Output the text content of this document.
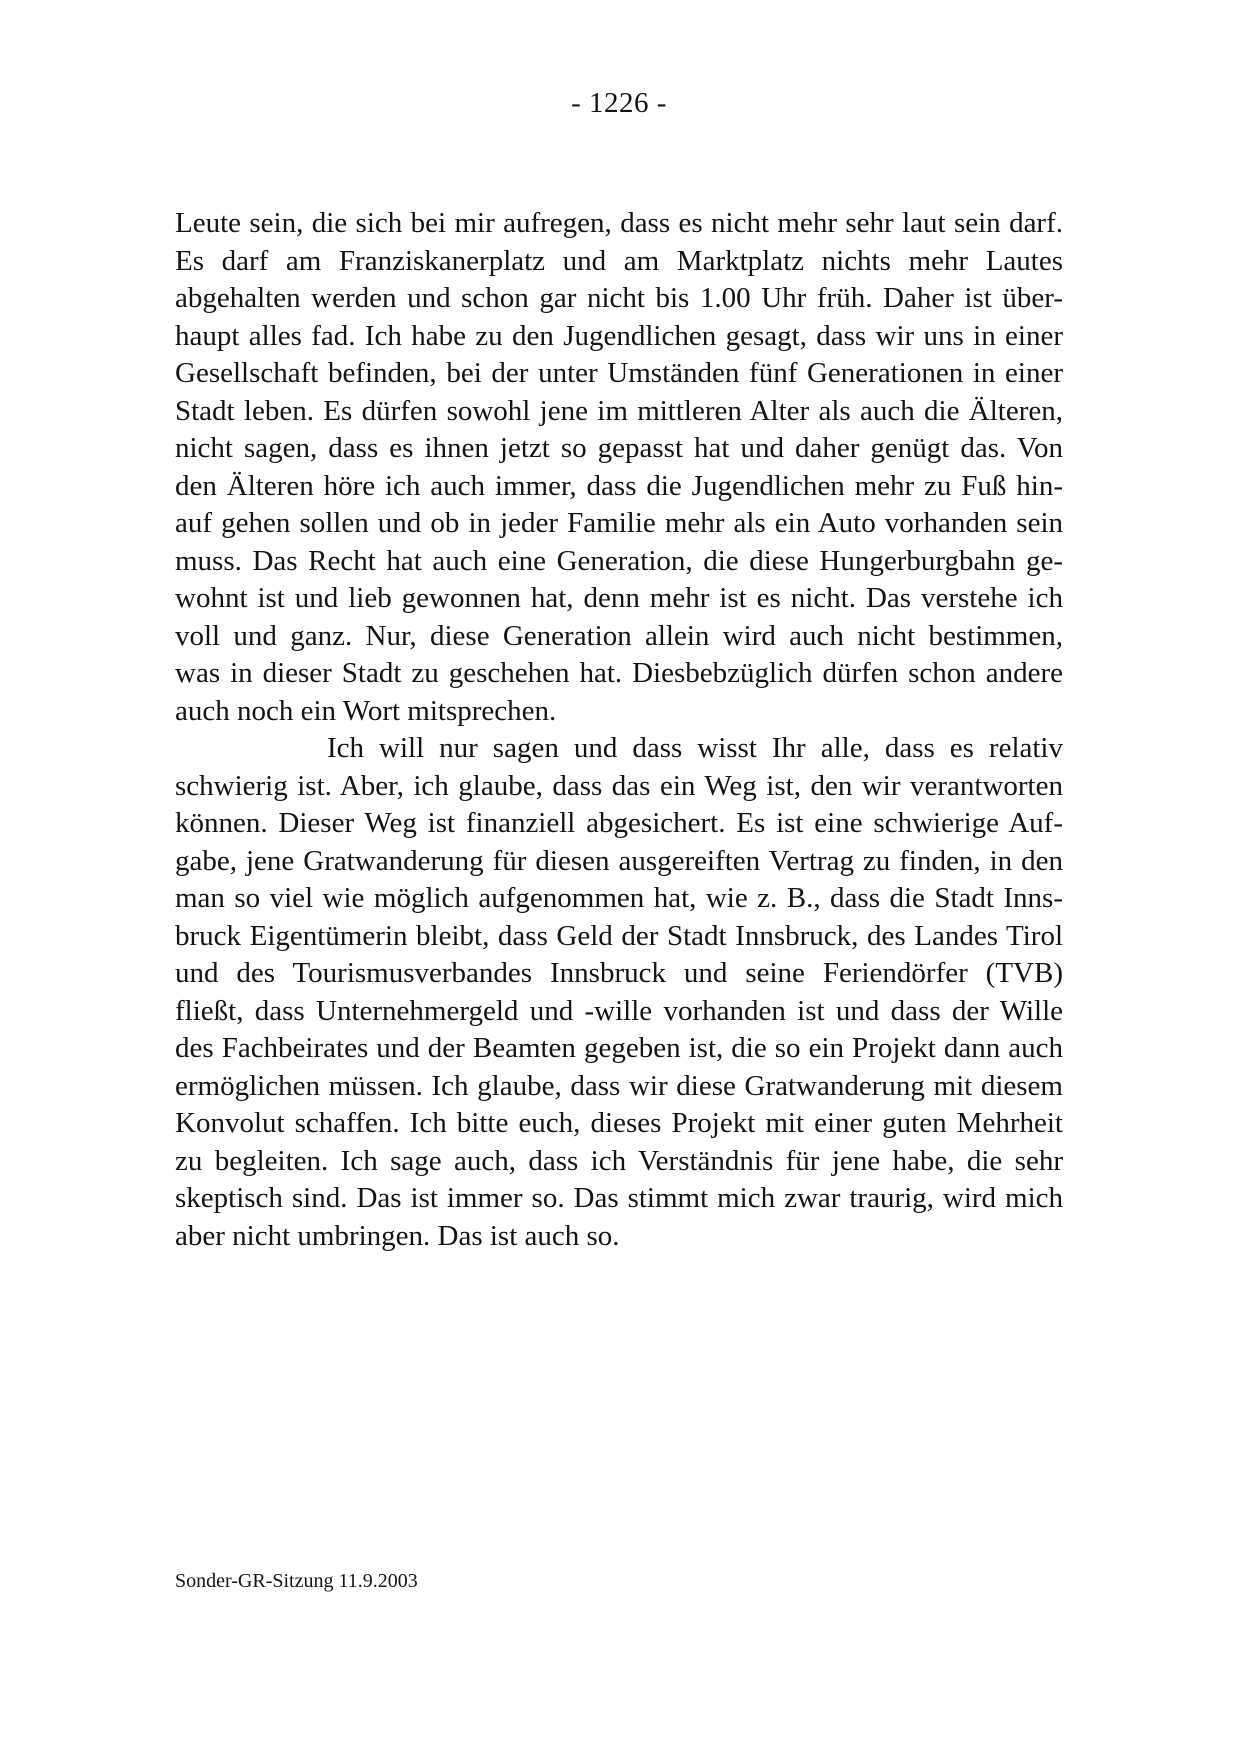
- 1226 -
Leute sein, die sich bei mir aufregen, dass es nicht mehr sehr laut sein darf.
Es darf am Franziskanerplatz und am Marktplatz nichts mehr Lautes
abgehalten werden und schon gar nicht bis 1.00 Uhr früh. Daher ist über-
haupt alles fad. Ich habe zu den Jugendlichen gesagt, dass wir uns in einer
Gesellschaft befinden, bei der unter Umständen fünf Generationen in einer
Stadt leben. Es dürfen sowohl jene im mittleren Alter als auch die Älteren,
nicht sagen, dass es ihnen jetzt so gepasst hat und daher genügt das. Von
den Älteren höre ich auch immer, dass die Jugendlichen mehr zu Fuß hin-
auf gehen sollen und ob in jeder Familie mehr als ein Auto vorhanden sein
muss. Das Recht hat auch eine Generation, die diese Hungerburgbahn ge-
wohnt ist und lieb gewonnen hat, denn mehr ist es nicht. Das verstehe ich
voll und ganz. Nur, diese Generation allein wird auch nicht bestimmen,
was in dieser Stadt zu geschehen hat. Diesbebzüglich dürfen schon andere
auch noch ein Wort mitsprechen.
Ich will nur sagen und dass wisst Ihr alle, dass es relativ
schwierig ist. Aber, ich glaube, dass das ein Weg ist, den wir verantworten
können. Dieser Weg ist finanziell abgesichert. Es ist eine schwierige Auf-
gabe, jene Gratwanderung für diesen ausgereiften Vertrag zu finden, in den
man so viel wie möglich aufgenommen hat, wie z. B., dass die Stadt Inns-
bruck Eigentümerin bleibt, dass Geld der Stadt Innsbruck, des Landes Tirol
und des Tourismusverbandes Innsbruck und seine Feriendörfer (TVB)
fließt, dass Unternehmergeld und -wille vorhanden ist und dass der Wille
des Fachbeirates und der Beamten gegeben ist, die so ein Projekt dann auch
ermöglichen müssen. Ich glaube, dass wir diese Gratwanderung mit diesem
Konvolut schaffen. Ich bitte euch, dieses Projekt mit einer guten Mehrheit
zu begleiten. Ich sage auch, dass ich Verständnis für jene habe, die sehr
skeptisch sind. Das ist immer so. Das stimmt mich zwar traurig, wird mich
aber nicht umbringen. Das ist auch so.
Sonder-GR-Sitzung 11.9.2003
